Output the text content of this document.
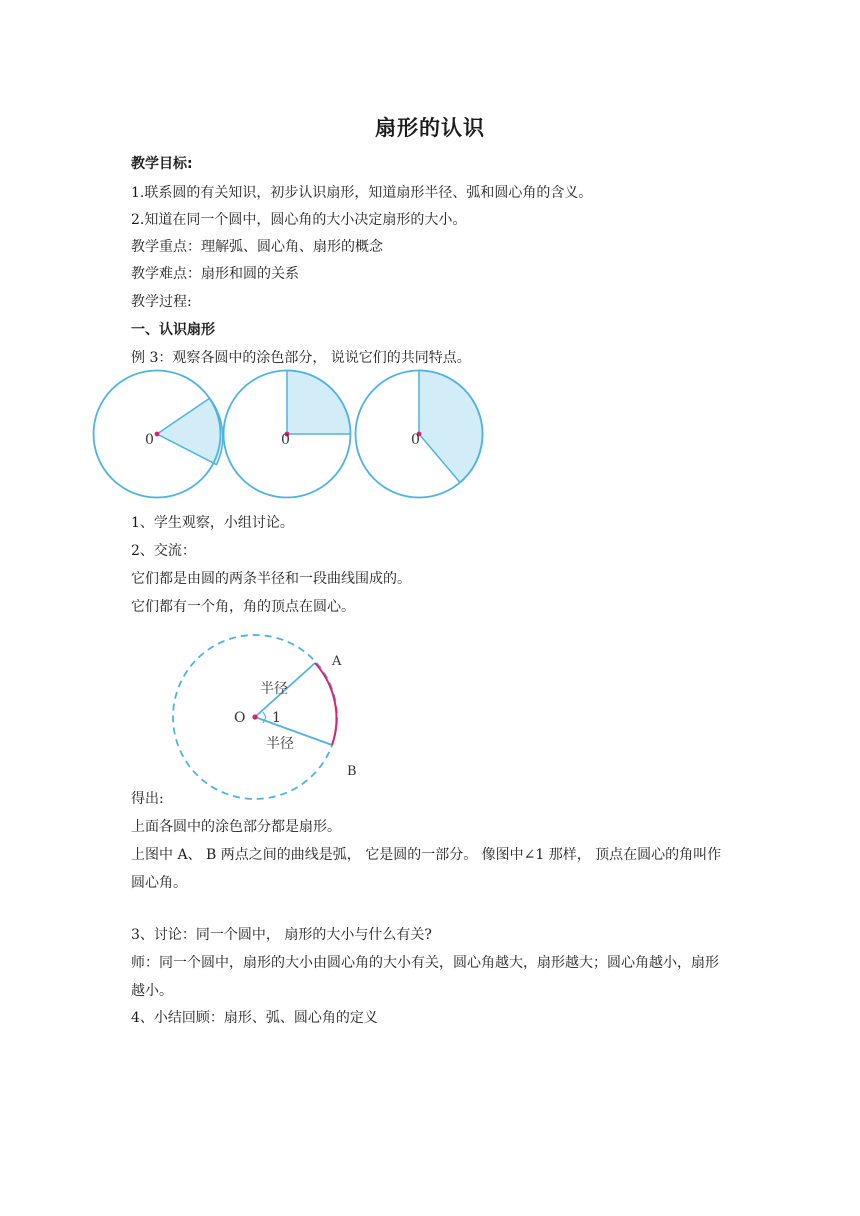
扇形的认识
教学目标:
1.联系圆的有关知识，初步认识扇形，知道扇形半径、弧和圆心角的含义。
2.知道在同一个圆中，圆心角的大小决定扇形的大小。
教学重点：理解弧、圆心角、扇形的概念
教学难点：扇形和圆的关系
教学过程:
一、认识扇形
例 3：观察各圆中的涂色部分， 说说它们的共同特点。
0	0	0
1、学生观察，小组讨论。
2、交流：
它们都是由圆的两条半径和一段曲线围成的。
它们都有一个角，角的顶点在圆心。
A
B
O 1
半径
半径
得出:
上面各圆中的涂色部分都是扇形。
上图中 A、 B 两点之间的曲线是弧， 它是圆的一部分。 像图中∠1 那样， 顶点在圆心的角叫作圆心角。
3、讨论：同一个圆中， 扇形的大小与什么有关?
师：同一个圆中，扇形的大小由圆心角的大小有关，圆心角越大，扇形越大；圆心角越小，扇形越小。
4、小结回顾：扇形、弧、圆心角的定义
